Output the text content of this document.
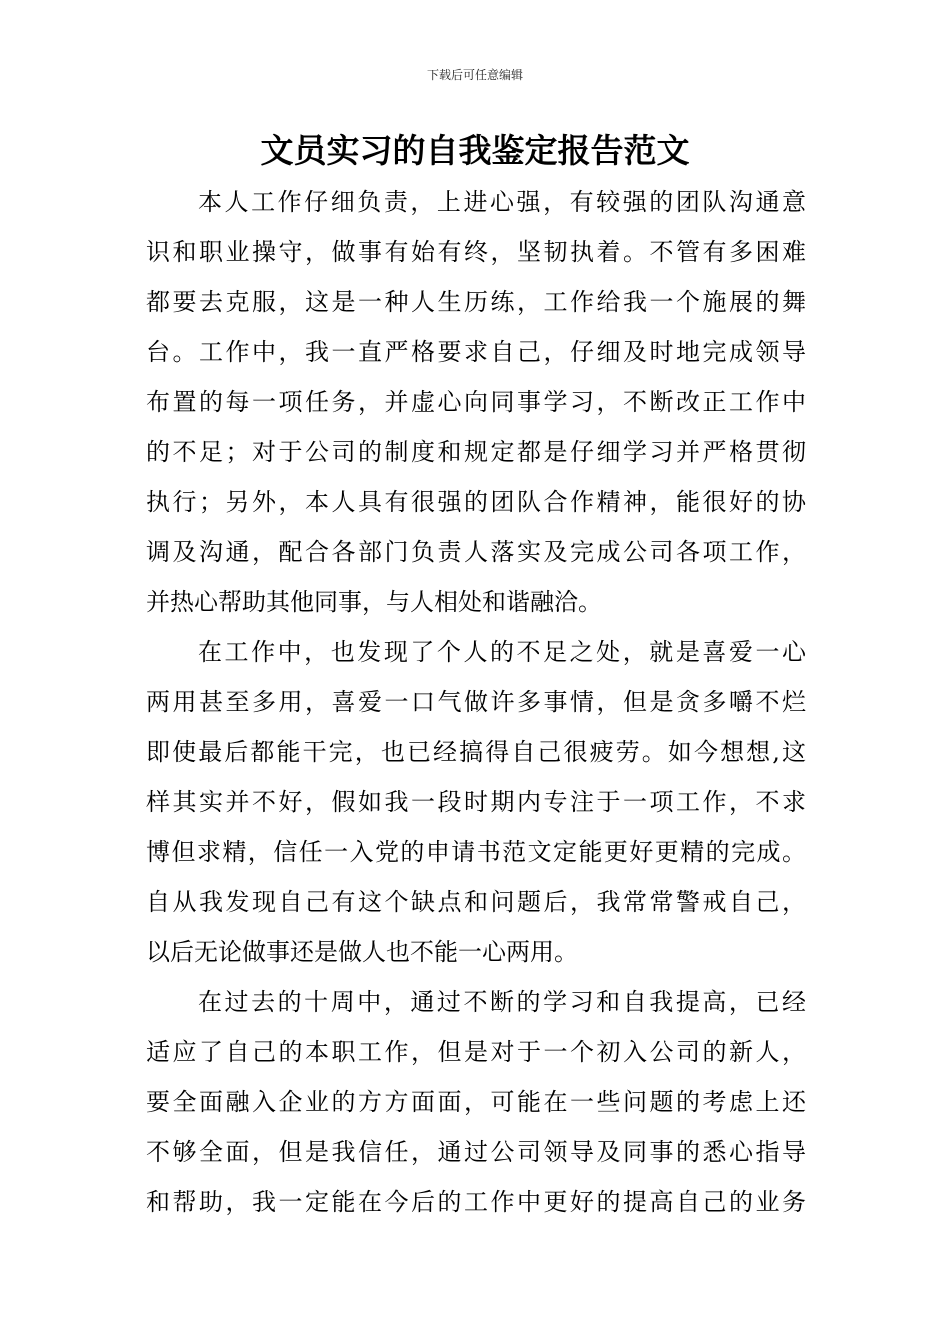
下载后可任意编辑
文员实习的自我鉴定报告范文
本人工作仔细负责，上进心强，有较强的团队沟通意
识和职业操守，做事有始有终，坚韧执着。不管有多困难
都要去克服，这是一种人生历练，工作给我一个施展的舞
台。工作中，我一直严格要求自己，仔细及时地完成领导
布置的每一项任务，并虚心向同事学习，不断改正工作中
的不足；对于公司的制度和规定都是仔细学习并严格贯彻
执行；另外，本人具有很强的团队合作精神，能很好的协
调及沟通，配合各部门负责人落实及完成公司各项工作，
并热心帮助其他同事，与人相处和谐融洽。
在工作中，也发现了个人的不足之处，就是喜爱一心
两用甚至多用，喜爱一口气做许多事情，但是贪多嚼不烂
即使最后都能干完，也已经搞得自己很疲劳。如今想想,这
样其实并不好，假如我一段时期内专注于一项工作，不求
博但求精，信任一入党的申请书范文定能更好更精的完成。
自从我发现自己有这个缺点和问题后，我常常警戒自己，
以后无论做事还是做人也不能一心两用。
在过去的十周中，通过不断的学习和自我提高，已经
适应了自己的本职工作，但是对于一个初入公司的新人，
要全面融入企业的方方面面，可能在一些问题的考虑上还
不够全面，但是我信任，通过公司领导及同事的悉心指导
和帮助，我一定能在今后的工作中更好的提高自己的业务
